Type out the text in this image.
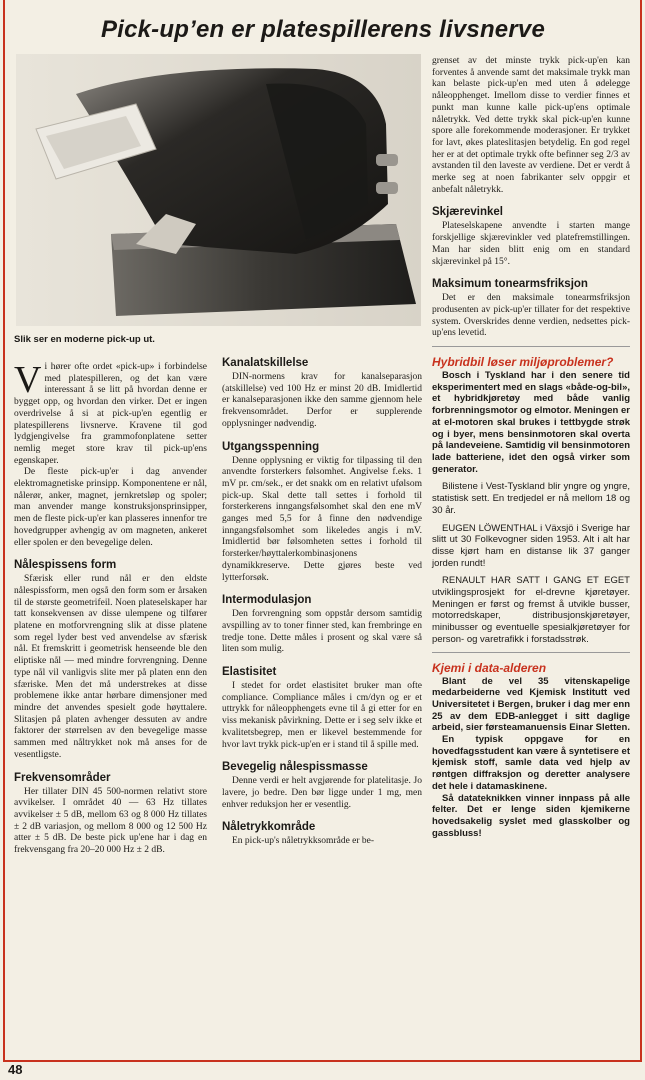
Pick-up’en er platespillerens livsnerve
Slik ser en moderne pick-up ut.

Vi hører ofte ordet «pick-up» i forbindelse med platespilleren, og det kan være interessant å se litt på hvordan denne er bygget opp, og hvordan den virker. Det er ingen overdrivelse å si at pick-up'en egentlig er platespillerens livsnerve. Kravene til god lydgjengivelse fra grammofonplatene setter nemlig meget store krav til pick-up'ens egenskaper.

De fleste pick-up'er i dag anvender elektromagnetiske prinsipp. Komponentene er nål, nålerør, anker, magnet, jernkretsløp og spoler; man anvender mange konstruksjonsprinsipper, men de fleste pick-up'er kan plasseres innenfor tre hovedgrupper avhengig av om magneten, ankeret eller spolen er den bevegelige delen.

Nålespissens form

Sfærisk eller rund nål er den eldste nålespissform, men også den form som er årsaken til de største geometrifeil. Noen plateselskaper har tatt konsekvensen av disse ulempene og tilfører platene en motforvrengning slik at disse platene som regel lyder best ved anvendelse av sfærisk nål. Et fremskritt i geometrisk henseende ble den eliptiske nål — med mindre forvrengning. Denne type nål vil vanligvis slite mer på platen enn den sfæriske. Men det må understrekes at disse problemene ikke antar hørbare dimensjoner med mindre det anvendes spesielt gode høyttalere. Slitasjen på platen avhenger dessuten av andre faktorer der størrelsen av den bevegelige masse sammen med nåltrykket nok må anses for de vesentligste.

Frekvensområder

Her tillater DIN 45 500-normen relativt store avvikelser. I området 40 — 63 Hz tillates avvikelser ± 5 dB, mellom 63 og 8 000 Hz tillates ± 2 dB variasjon, og mellom 8 000 og 12 500 Hz atter ± 5 dB. De beste pick up'ene har i dag en frekvensgang fra 20–20 000 Hz ± 2 dB.

Kanalatskillelse

DIN-normens krav for kanalseparasjon (atskillelse) ved 100 Hz er minst 20 dB. Imidlertid er kanalseparasjonen ikke den samme gjennom hele frekvensområdet. Derfor er supplerende opplysninger nødvendig.

Utgangsspenning

Denne opplysning er viktig for tilpassing til den anvendte forsterkers følsomhet. Angivelse f.eks. 1 mV pr. cm/sek., er det snakk om en relativt ufølsom pick-up. Skal dette tall settes i forhold til forsterkerens inngangsfølsomhet skal den ene mV ganges med 5,5 for å finne den nødvendige inngangsfølsomhet som likeledes angis i mV. Imidlertid bør følsomheten settes i forhold til forsterker/høyttalerkombinasjonens dynamikkreserve. Dette gjøres beste ved lytterforsøk.

Intermodulasjon

Den forvrengning som oppstår dersom samtidig avspilling av to toner finner sted, kan frembringe en tredje tone. Dette måles i prosent og skal være så liten som mulig.

Elastisitet

I stedet for ordet elastisitet bruker man ofte compliance. Compliance måles i cm/dyn og er et uttrykk for nåleopphengets evne til å gi etter for en viss mekanisk påvirkning. Dette er i seg selv ikke et kvalitetsbegrep, men er likevel bestemmende for hvor lavt trykk pick-up'en er i stand til å spille med.

Bevegelig nålespissmasse

Denne verdi er helt avgjørende for platelitasje. Jo lavere, jo bedre. Den bør ligge under 1 mg, men enhver reduksjon her er vesentlig.

Nåletrykkområde

En pick-up's nåletrykksområde er be-

grenset av det minste trykk pick-up'en kan forventes å anvende samt det maksimale trykk man kan belaste pick-up'en med uten å ødelegge nåleopphenget. Imellom disse to verdier finnes et punkt man kunne kalle pick-up'ens optimale nåletrykk. Ved dette trykk skal pick-up'en kunne spore alle forekommende moderasjoner. Er trykket for lavt, økes plateslitasjen betydelig. En god regel her er at det optimale trykk ofte befinner seg 2/3 av avstanden til den laveste av verdiene. Det er verdt å merke seg at noen fabrikanter selv oppgir et anbefalt nåletrykk.

Skjærevinkel

Plateselskapene anvendte i starten mange forskjellige skjærevinkler ved platefremstillingen. Man har siden blitt enig om en standard skjærevinkel på 15°.

Maksimum tonearmsfriksjon

Det er den maksimale tonearmsfriksjon produsenten av pick-up'er tillater for det respektive system. Overskrides denne verdien, nedsettes pick-up'ens levetid.

Hybridbil løser miljøproblemer?

Bosch i Tyskland har i den senere tid eksperimentert med en slags «både-og-bil», et hybridkjøretøy med både vanlig forbrenningsmotor og elmotor. Meningen er at el-motoren skal brukes i tettbygde strøk og i byer, mens bensinmotoren skal overta på landeveiene. Samtidig vil bensinmotoren lade batteriene, idet den også virker som generator.

Bilistene i Vest-Tyskland blir yngre og yngre, statistisk sett. En tredjedel er nå mellom 18 og 30 år.

EUGEN LÖWENTHAL i Växsjö i Sverige har slitt ut 30 Folkevogner siden 1953. Alt i alt har disse kjørt ham en distanse lik 37 ganger jorden rundt!

RENAULT HAR SATT I GANG ET EGET utviklingsprosjekt for el-drevne kjøretøyer. Meningen er først og fremst å utvikle busser, motorredskaper, distribusjonskjøretøyer, minibusser og eventuelle spesialkjøretøyer for person- og varetrafikk i forstadsstrøk.

Kjemi i data-alderen

Blant de vel 35 vitenskapelige medarbeiderne ved Kjemisk Institutt ved Universitetet i Bergen, bruker i dag mer enn 25 av dem EDB-anlegget i sitt daglige arbeid, sier førsteamanuensis Einar Sletten.

En typisk oppgave for en hovedfagsstudent kan være å syntetisere et kjemisk stoff, samle data ved hjelp av røntgen diffraksjon og deretter analysere det hele i datamaskinene.

Så datateknikken vinner innpass på alle felter. Det er lenge siden kjemikerne hovedsakelig syslet med glasskolber og gassbluss!

48
